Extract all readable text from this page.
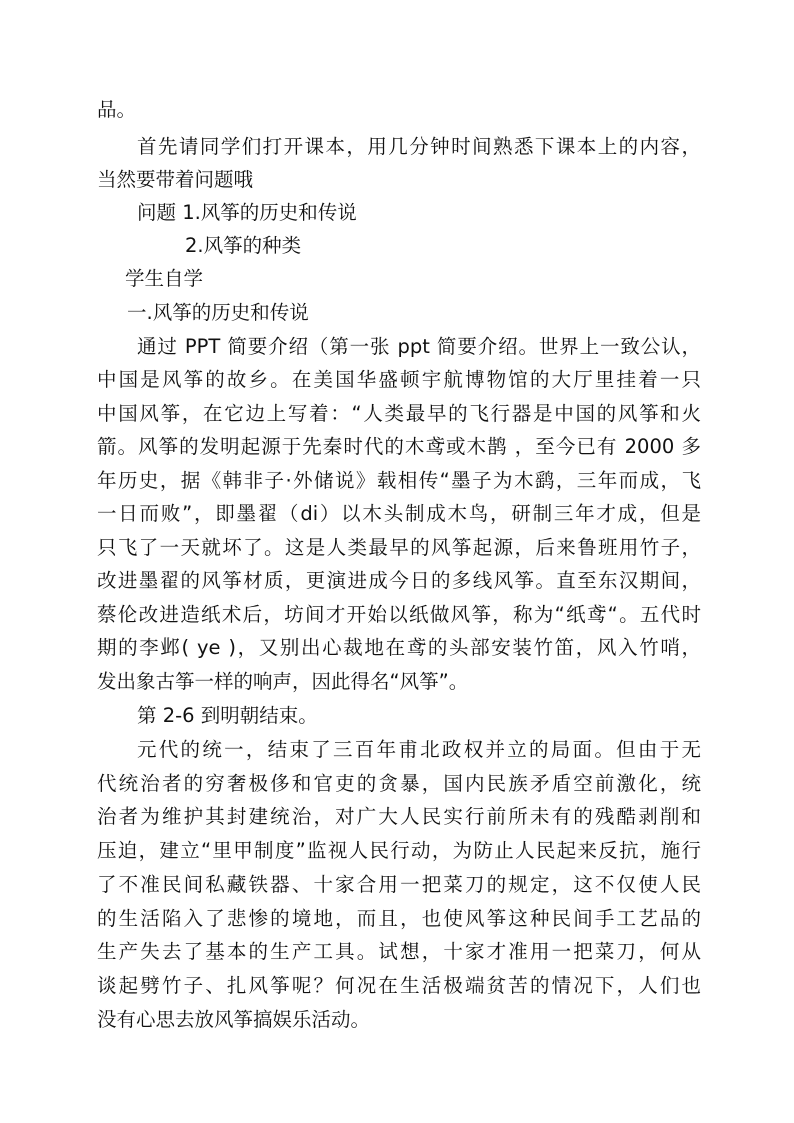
品。

首先请同学们打开课本，用几分钟时间熟悉下课本上的内容，

当然要带着问题哦

问题 1.风筝的历史和传说

2.风筝的种类

学生自学

一.风筝的历史和传说

通过 PPT 简要介绍（第一张 ppt 简要介绍。世界上一致公认，

中国是风筝的故乡。在美国华盛顿宇航博物馆的大厅里挂着一只

中国风筝，在它边上写着：“人类最早的飞行器是中国的风筝和火

箭。风筝的发明起源于先秦时代的木鸢或木鹊 ，至今已有 2000 多

年历史，据《韩非子·外储说》载相传“墨子为木鹞，三年而成，飞

一日而败”，即墨翟（di）以木头制成木鸟，研制三年才成，但是

只飞了一天就坏了。这是人类最早的风筝起源，后来鲁班用竹子，

改进墨翟的风筝材质，更演进成今日的多线风筝。直至东汉期间，

蔡伦改进造纸术后，坊间才开始以纸做风筝，称为“纸鸢“。五代时

期的李邺( ye )，又别出心裁地在鸢的头部安装竹笛，风入竹哨，

发出象古筝一样的响声，因此得名“风筝”。

第 2-6 到明朝结束。

元代的统一，结束了三百年甫北政权并立的局面。但由于无

代统治者的穷奢极侈和官吏的贪暴，国内民族矛盾空前激化，统

治者为维护其封建统治，对广大人民实行前所未有的残酷剥削和

压迫，建立“里甲制度”监视人民行动，为防止人民起来反抗，施行

了不准民间私藏铁器、十家合用一把菜刀的规定，这不仅使人民

的生活陷入了悲惨的境地，而且，也使风筝这种民间手工艺品的

生产失去了基本的生产工具。试想，十家才准用一把菜刀，何从

谈起劈竹子、扎风筝呢？何况在生活极端贫苦的情况下，人们也

没有心思去放风筝搞娱乐活动。
